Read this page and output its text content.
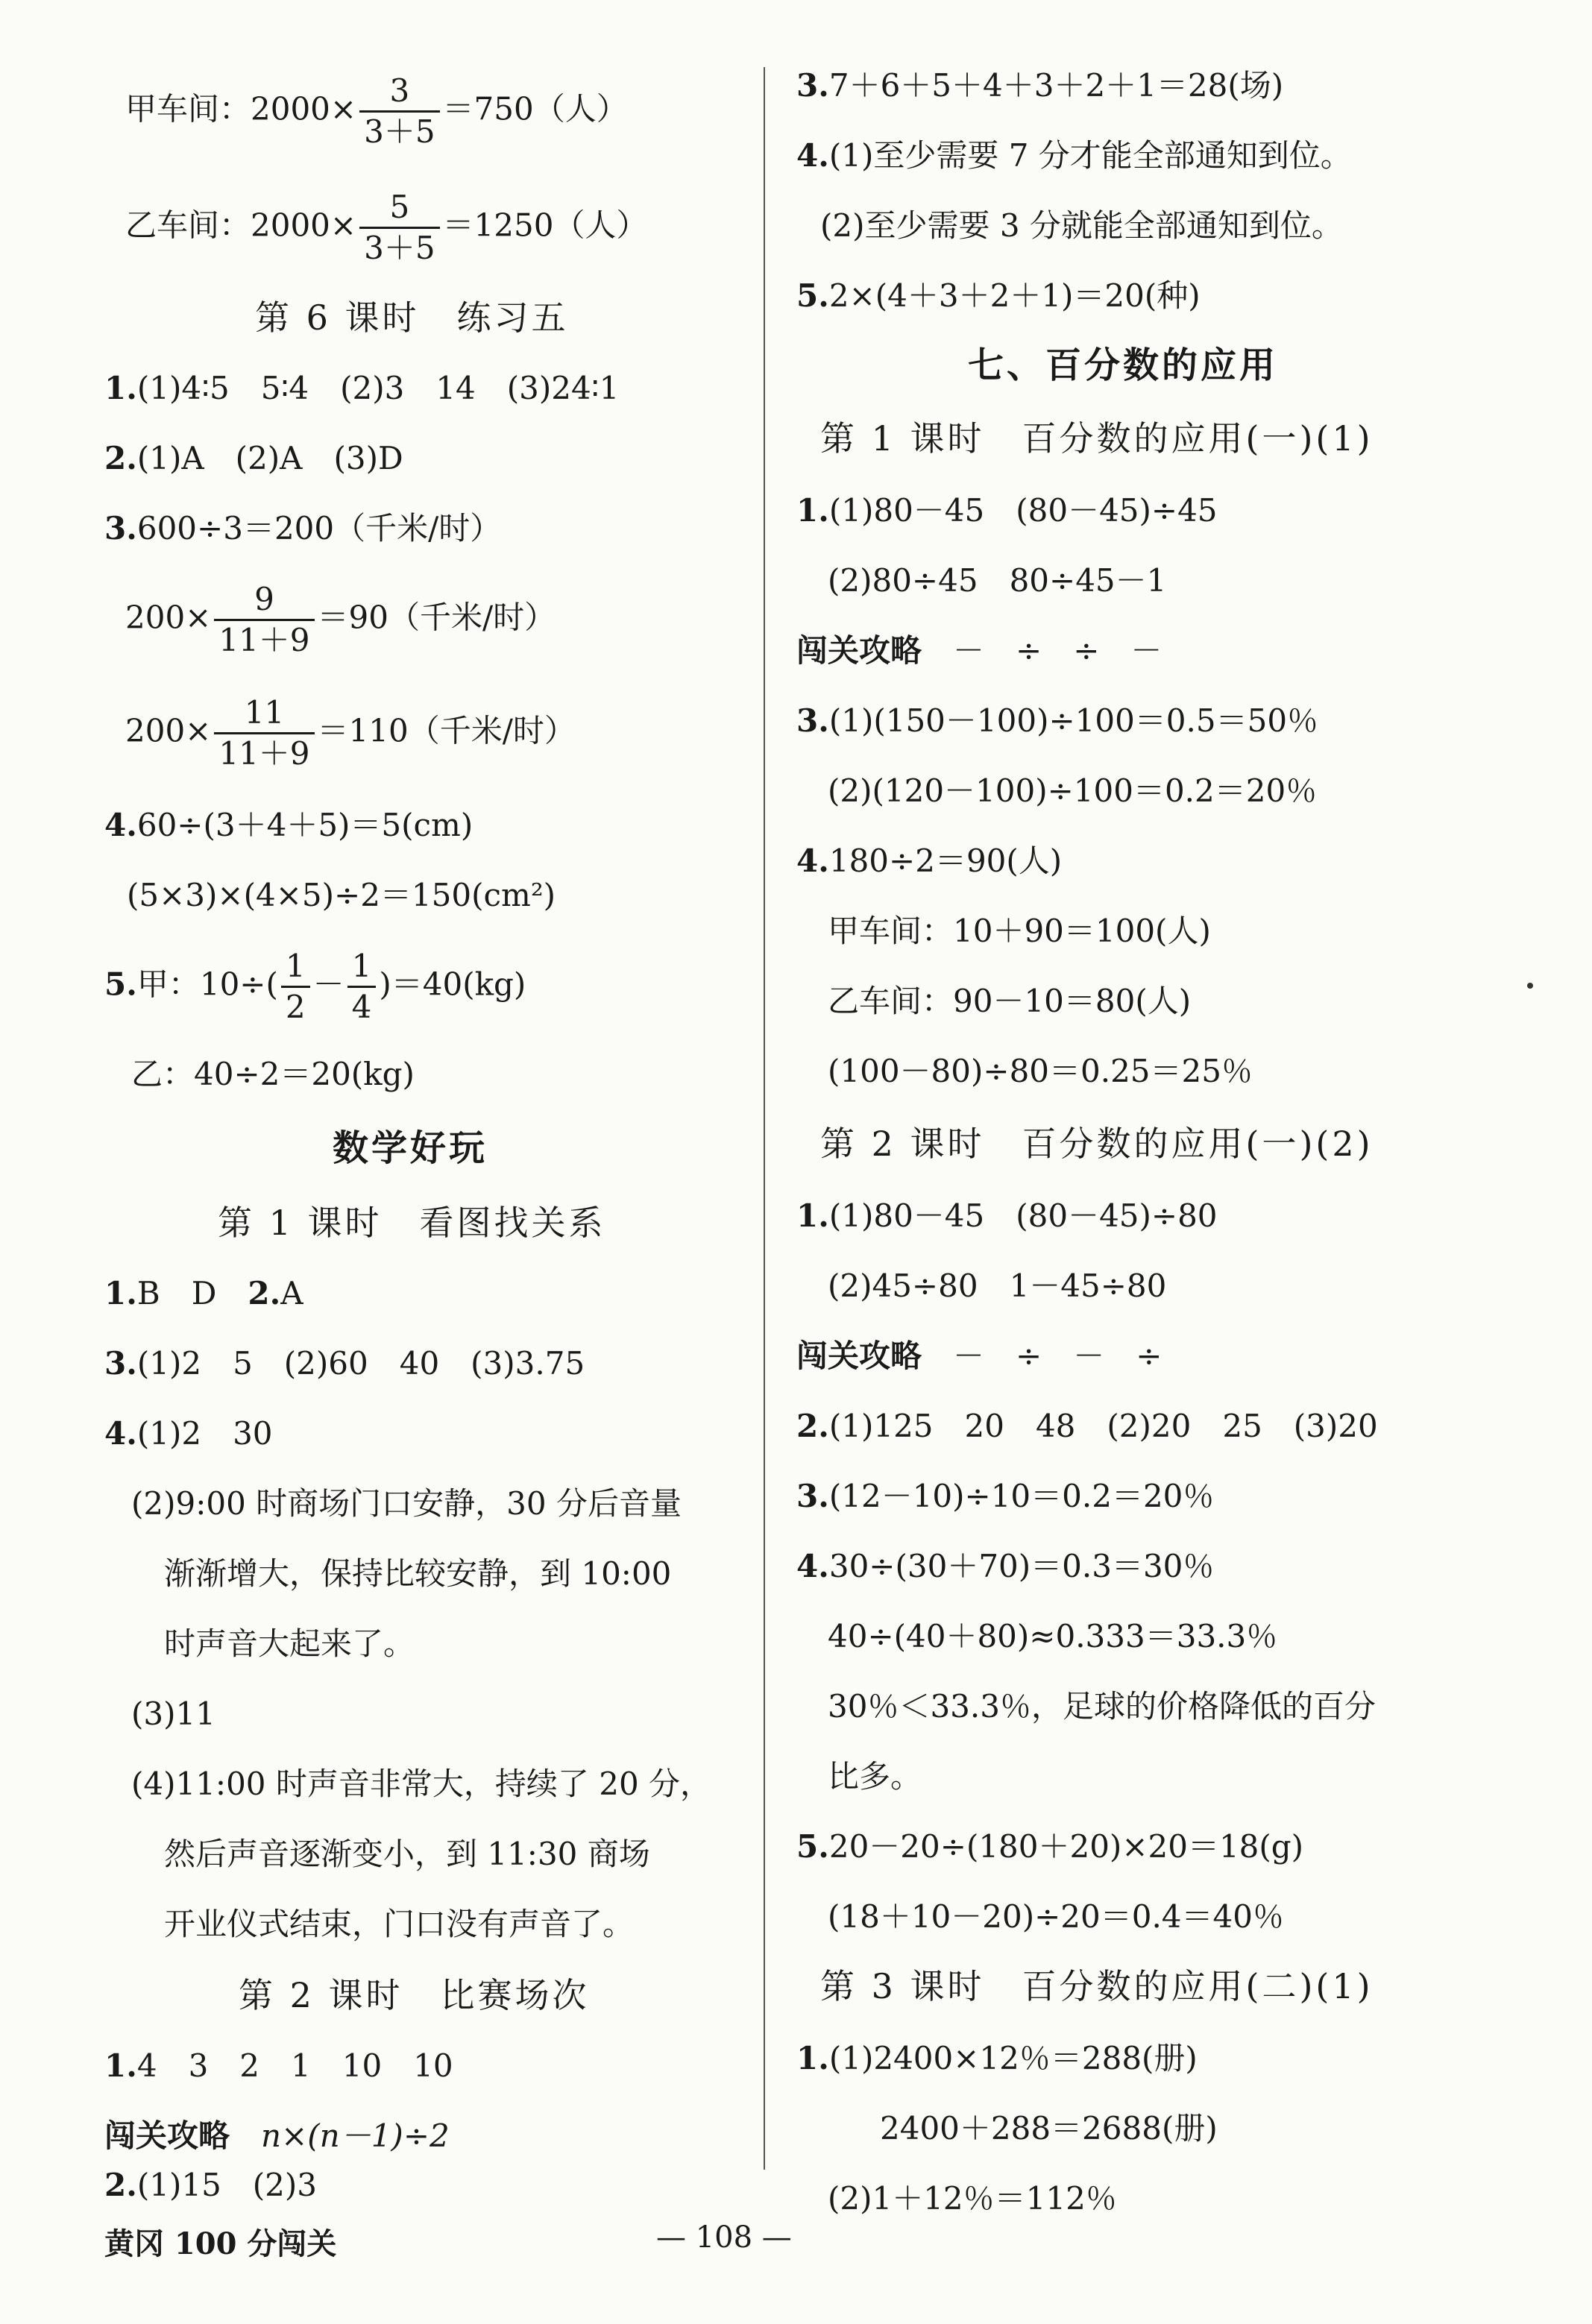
甲车间：$2000\times \frac{3}{3+5} =750$（人）
乙车间：$2000\times \frac{5}{3+5} =1250$（人）
第 6 课时　练习五
1.(1)4∶5　5∶4　(2)3　14　(3)24∶1
2.(1)A　(2)A　(3)D
3.600÷3＝200（千米/时）
$200\times \frac{9}{11+9} =90$（千米/时）
$200\times \frac{11}{11+9} =110$（千米/时）
4.60÷(3＋4＋5)＝5(cm)
(5×3)×(4×5)÷2＝150(cm²)
5.甲：$10\div( \frac{1}{2} - \frac{1}{4} )=40(kg)$
乙：40÷2＝20(kg)
数学好玩
第 1 课时　看图找关系
1.B　D　2.A
3.(1)2　5　(2)60　40　(3)3.75
4.(1)2　30
(2)9:00 时商场门口安静，30 分后音量
渐渐增大，保持比较安静，到 10:00
时声音大起来了。
(3)11
(4)11:00 时声音非常大，持续了 20 分，
然后声音逐渐变小，到 11:30 商场
开业仪式结束，门口没有声音了。
第 2 课时　比赛场次
1.4　3　2　1　10　10
闯关攻略　 n×(n－1)÷2
2.(1)15　(2)3
3.7＋6＋5＋4＋3＋2＋1＝28(场)
4.(1)至少需要 7 分才能全部通知到位。
(2)至少需要 3 分就能全部通知到位。
5.2×(4＋3＋2＋1)＝20(种)
七、百分数的应用
第 1 课时　百分数的应用(一)(1)
1.(1)80－45　(80－45)÷45
(2)80÷45　80÷45－1
闯关攻略　 －　÷　÷　－
3.(1)(150－100)÷100＝0.5＝50％
(2)(120－100)÷100＝0.2＝20％
4.180÷2＝90(人)
甲车间：10＋90＝100(人)
乙车间：90－10＝80(人)
(100－80)÷80＝0.25＝25％
第 2 课时　百分数的应用(一)(2)
1.(1)80－45　(80－45)÷80
(2)45÷80　1－45÷80
闯关攻略　 －　÷　－　÷
2.(1)125　20　48　(2)20　25　(3)20
3.(12－10)÷10＝0.2＝20％
4.30÷(30＋70)＝0.3＝30％
40÷(40＋80)≈0.333＝33.3％
30％＜33.3％，足球的价格降低的百分
比多。
5.20－20÷(180＋20)×20＝18(g)
(18＋10－20)÷20＝0.4＝40％
第 3 课时　百分数的应用(二)(1)
1.(1)2400×12％＝288(册)
2400＋288＝2688(册)
(2)1＋12％＝112％
黄冈 100 分闯关	— 108 —
